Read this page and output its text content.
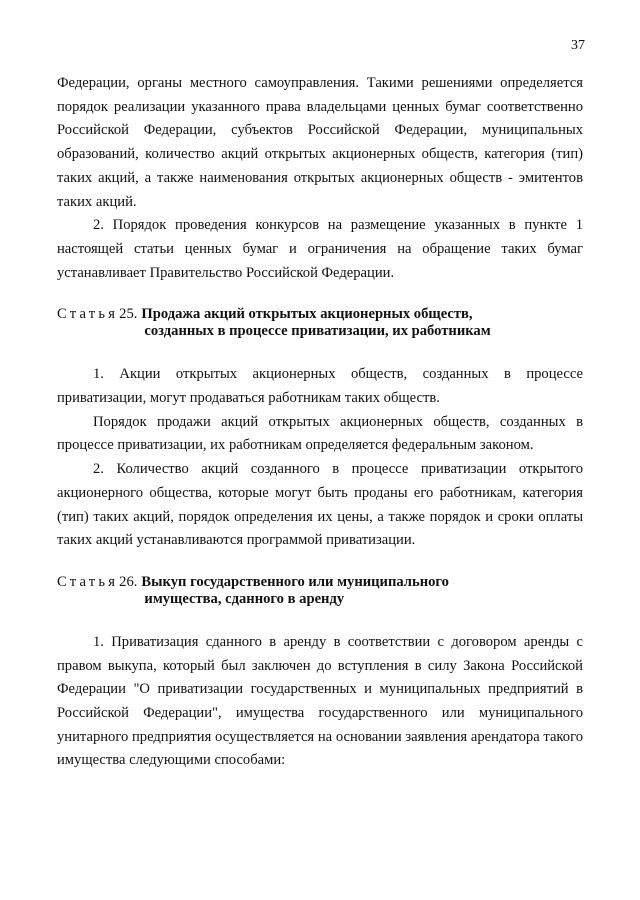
37

Федерации, органы местного самоуправления. Такими решениями определяется порядок реализации указанного права владельцами ценных бумаг соответственно Российской Федерации, субъектов Российской Федерации, муниципальных образований, количество акций открытых акционерных обществ, категория (тип) таких акций, а также наименования открытых акционерных обществ - эмитентов таких акций.

2. Порядок проведения конкурсов на размещение указанных в пункте 1 настоящей статьи ценных бумаг и ограничения на обращение таких бумаг устанавливает Правительство Российской Федерации.

Статья25. Продажа акций открытых акционерных обществ,
созданных в процессе приватизации, их работникам

1. Акции открытых акционерных обществ, созданных в процессе приватизации, могут продаваться работникам таких обществ.

Порядок продажи акций открытых акционерных обществ, созданных в процессе приватизации, их работникам определяется федеральным законом.

2. Количество акций созданного в процессе приватизации открытого акционерного общества, которые могут быть проданы его работникам, категория (тип) таких акций, порядок определения их цены, а также порядок и сроки оплаты таких акций устанавливаются программой приватизации.

Статья26. Выкуп государственного или муниципального
имущества, сданного в аренду

1. Приватизация сданного в аренду в соответствии с договором аренды с правом выкупа, который был заключен до вступления в силу Закона Российской Федерации "О приватизации государственных и муниципальных предприятий в Российской Федерации", имущества государственного или муниципального унитарного предприятия осуществляется на основании заявления арендатора такого имущества следующими способами:
